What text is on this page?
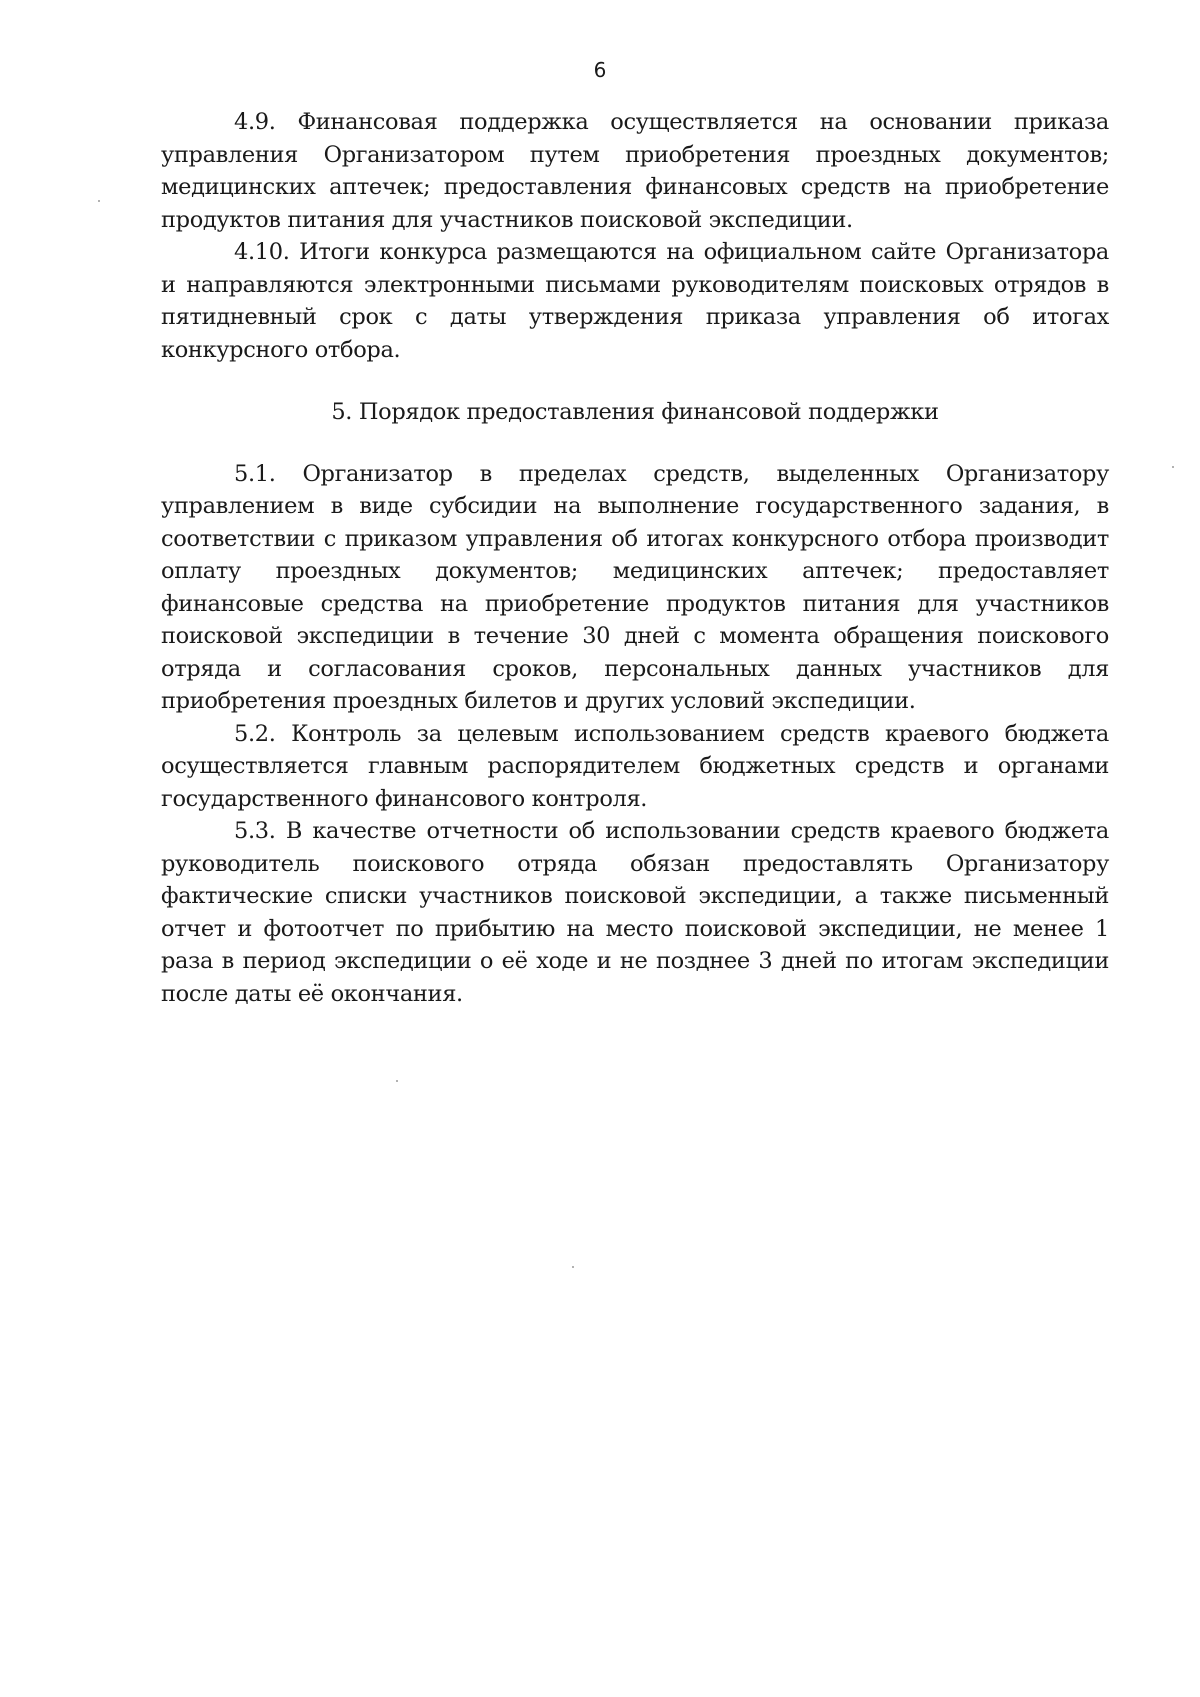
6

4.9. Финансовая поддержка осуществляется на основании приказа управления Организатором путем приобретения проездных документов; медицинских аптечек; предоставления финансовых средств на приобретение продуктов питания для участников поисковой экспедиции.

4.10. Итоги конкурса размещаются на официальном сайте Организатора и направляются электронными письмами руководителям поисковых отрядов в пятидневный срок с даты утверждения приказа управления об итогах конкурсного отбора.

5. Порядок предоставления финансовой поддержки

5.1. Организатор в пределах средств, выделенных Организатору управлением в виде субсидии на выполнение государственного задания, в соответствии с приказом управления об итогах конкурсного отбора производит оплату проездных документов; медицинских аптечек; предоставляет финансовые средства на приобретение продуктов питания для участников поисковой экспедиции в течение 30 дней с момента обращения поискового отряда и согласования сроков, персональных данных участников для приобретения проездных билетов и других условий экспедиции.

5.2. Контроль за целевым использованием средств краевого бюджета осуществляется главным распорядителем бюджетных средств и органами государственного финансового контроля.

5.3. В качестве отчетности об использовании средств краевого бюджета руководитель поискового отряда обязан предоставлять Организатору фактические списки участников поисковой экспедиции, а также письменный отчет и фотоотчет по прибытию на место поисковой экспедиции, не менее 1 раза в период экспедиции о её ходе и не позднее 3 дней по итогам экспедиции после даты её окончания.
